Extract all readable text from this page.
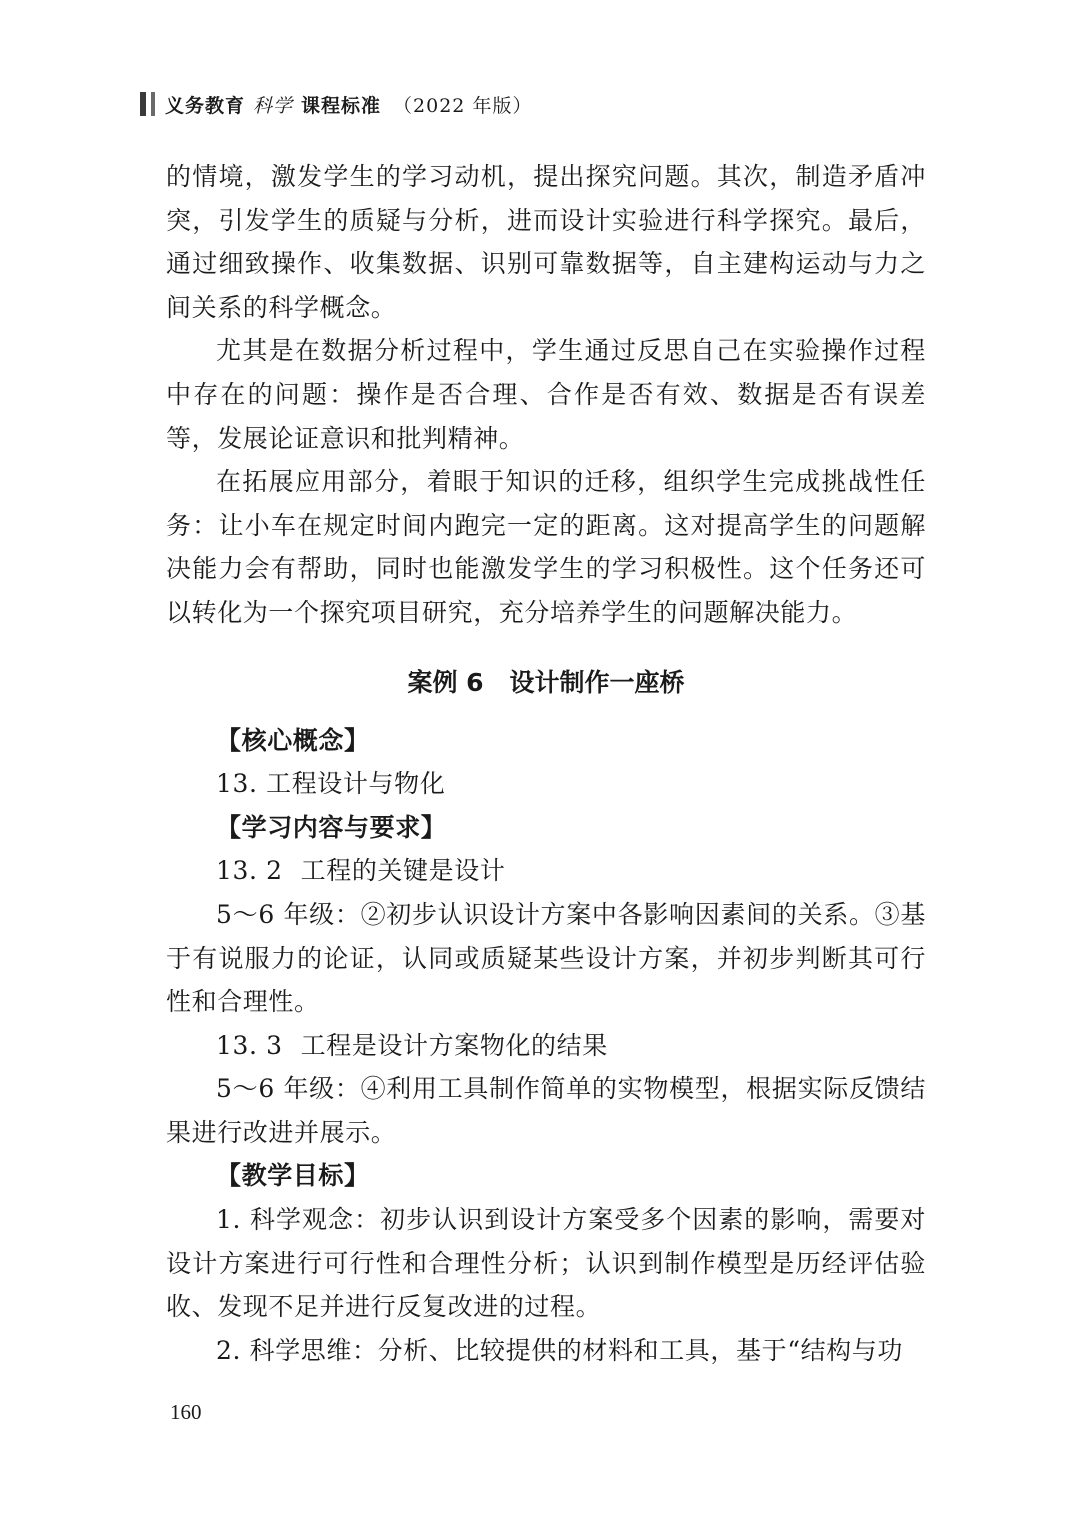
义务教育 科学 课程标准 （2022 年版）

的情境，激发学生的学习动机，提出探究问题。其次，制造矛盾冲突，引发学生的质疑与分析，进而设计实验进行科学探究。最后，通过细致操作、收集数据、识别可靠数据等，自主建构运动与力之间关系的科学概念。

尤其是在数据分析过程中，学生通过反思自己在实验操作过程中存在的问题：操作是否合理、合作是否有效、数据是否有误差等，发展论证意识和批判精神。

在拓展应用部分，着眼于知识的迁移，组织学生完成挑战性任务：让小车在规定时间内跑完一定的距离。这对提高学生的问题解决能力会有帮助，同时也能激发学生的学习积极性。这个任务还可以转化为一个探究项目研究，充分培养学生的问题解决能力。

案例 6 设计制作一座桥

【核心概念】

13. 工程设计与物化

【学习内容与要求】

13. 2 工程的关键是设计

5～6 年级：②初步认识设计方案中各影响因素间的关系。③基于有说服力的论证，认同或质疑某些设计方案，并初步判断其可行性和合理性。

13. 3 工程是设计方案物化的结果

5～6 年级：④利用工具制作简单的实物模型，根据实际反馈结果进行改进并展示。

【教学目标】

1. 科学观念：初步认识到设计方案受多个因素的影响，需要对设计方案进行可行性和合理性分析；认识到制作模型是历经评估验收、发现不足并进行反复改进的过程。

2. 科学思维：分析、比较提供的材料和工具，基于“结构与功

160
